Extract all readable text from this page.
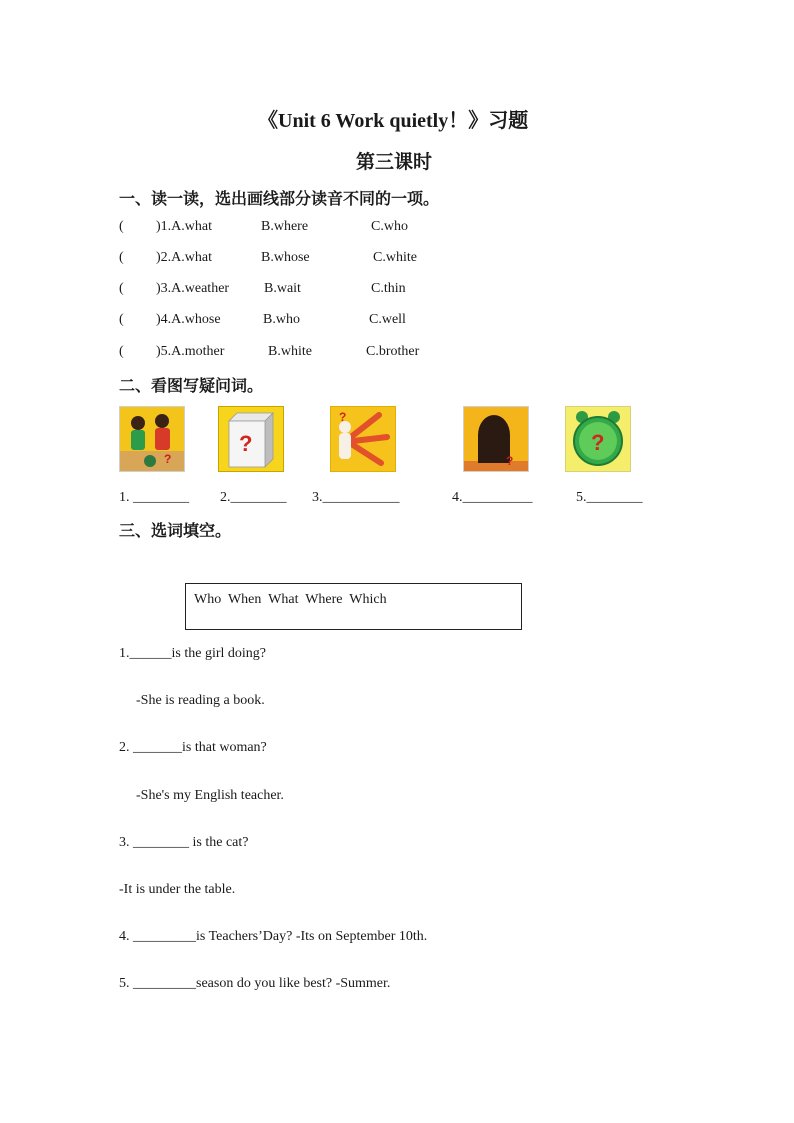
《Unit 6 Work quietly！》习题
第三课时
一、读一读，选出画线部分读音不同的一项。
( )1.A.what	B.where	C.who
( )2.A.what	B.whose	C.white
( )3.A.weather B.wait	C.thin
( )4.A.whose	B.who	C.well
( )5.A.mother	B.white	C.brother
二、看图写疑问词。
?
?
?
?
?
1. ________ 2.________ 3.___________	4.__________	5.________
三、选词填空。
Who  When  What  Where  Which
1.______is the girl doing?
-She is reading a book.
2. _______is that woman?
-She's my English teacher.
3. ________ is the cat?
-It is under the table.
4. _________is Teachers’Day? -Its on September 10th.
5. _________season do you like best? -Summer.
